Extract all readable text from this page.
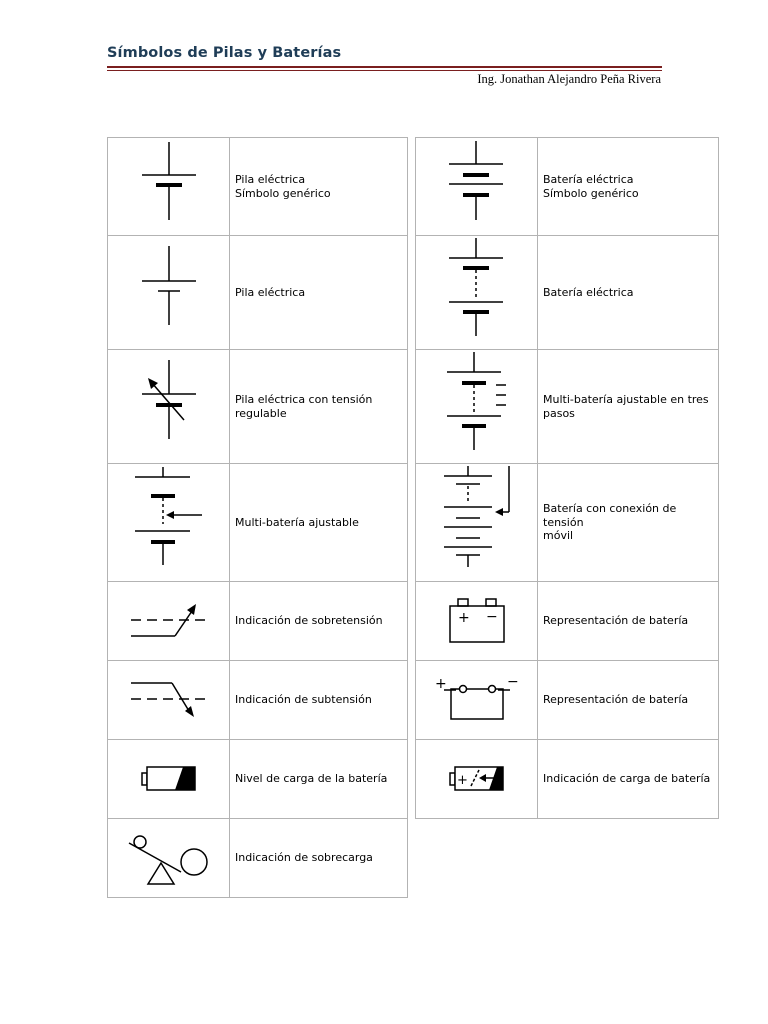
Símbolos de Pilas y Baterías
Ing. Jonathan Alejandro Peña Rivera

Pila eléctrica
Símbolo genérico

Pila eléctrica

Pila eléctrica con tensión
regulable

Multi-batería ajustable

Indicación de sobretensión

Indicación de subtensión

Nivel de carga de la batería

Indicación de sobrecarga

Batería eléctrica
Símbolo genérico

Batería eléctrica

Multi-batería ajustable en tres
pasos

Batería con conexión de tensión
móvil

+ −	Representación de batería

+ −	Representación de batería

+	Indicación de carga de batería
